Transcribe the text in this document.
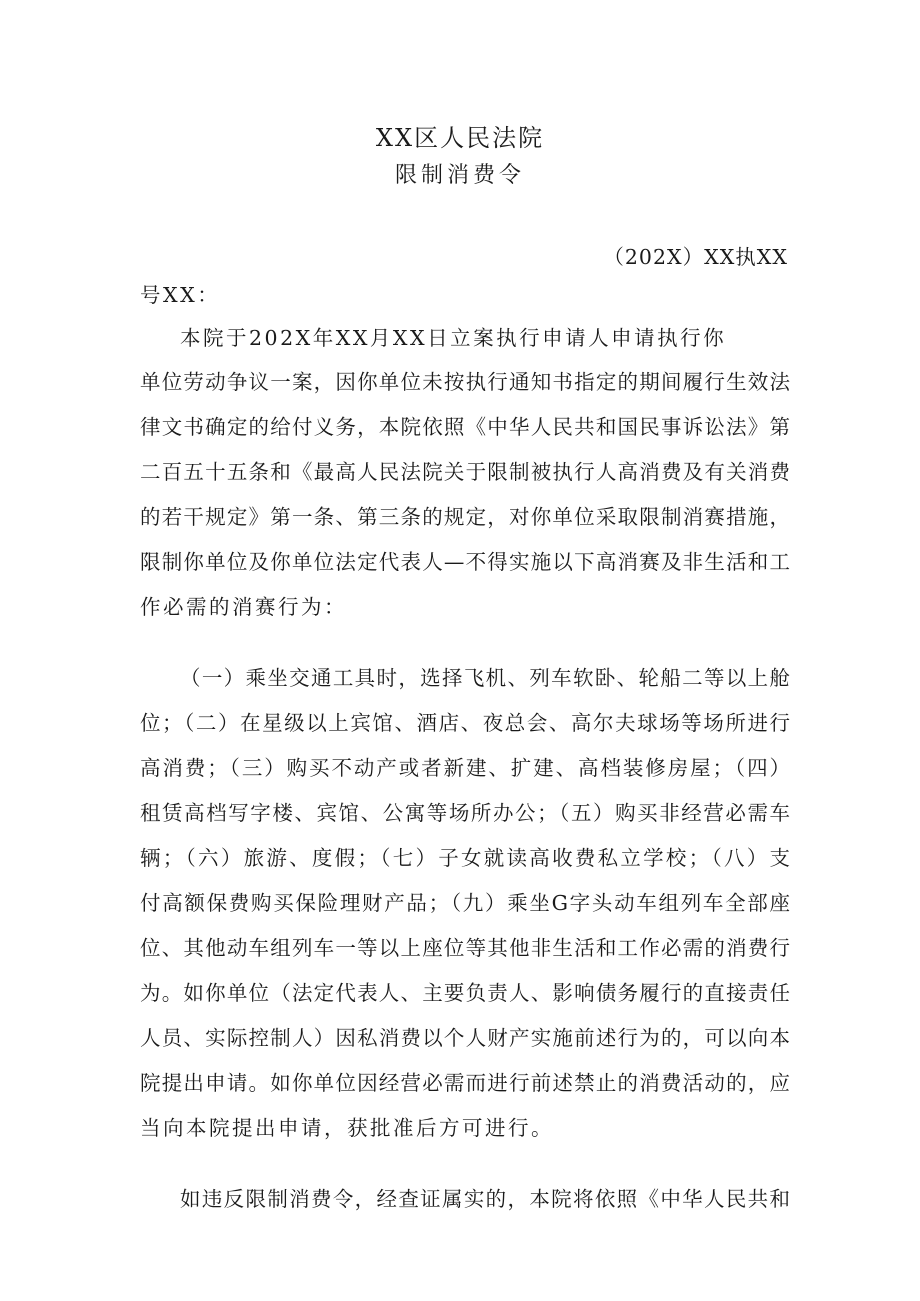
XX区人民法院
限制消费令
（202X）XX执XX
号XX：
本院于202X年XX月XX日立案执行申请人申请执行你
单位劳动争议一案，因你单位未按执行通知书指定的期间履行生效法
律文书确定的给付义务，本院依照《中华人民共和国民事诉讼法》第
二百五十五条和《最高人民法院关于限制被执行人高消费及有关消费
的若干规定》第一条、第三条的规定，对你单位采取限制消赛措施，
限制你单位及你单位法定代表人—不得实施以下高消赛及非生活和工
作必需的消赛行为：
（一）乘坐交通工具时，选择飞机、列车软卧、轮船二等以上舱
位；（二）在星级以上宾馆、酒店、夜总会、高尔夫球场等场所进行
高消费；（三）购买不动产或者新建、扩建、高档装修房屋；（四）
租赁高档写字楼、宾馆、公寓等场所办公；（五）购买非经营必需车
辆；（六）旅游、度假；（七）子女就读高收费私立学校；（八）支
付高额保费购买保险理财产品；（九）乘坐G字头动车组列车全部座
位、其他动车组列车一等以上座位等其他非生活和工作必需的消费行
为。如你单位（法定代表人、主要负责人、影响债务履行的直接责任
人员、实际控制人）因私消费以个人财产实施前述行为的，可以向本
院提出申请。如你单位因经营必需而进行前述禁止的消费活动的，应
当向本院提出申请，获批准后方可进行。
如违反限制消费令，经查证属实的，本院将依照《中华人民共和
